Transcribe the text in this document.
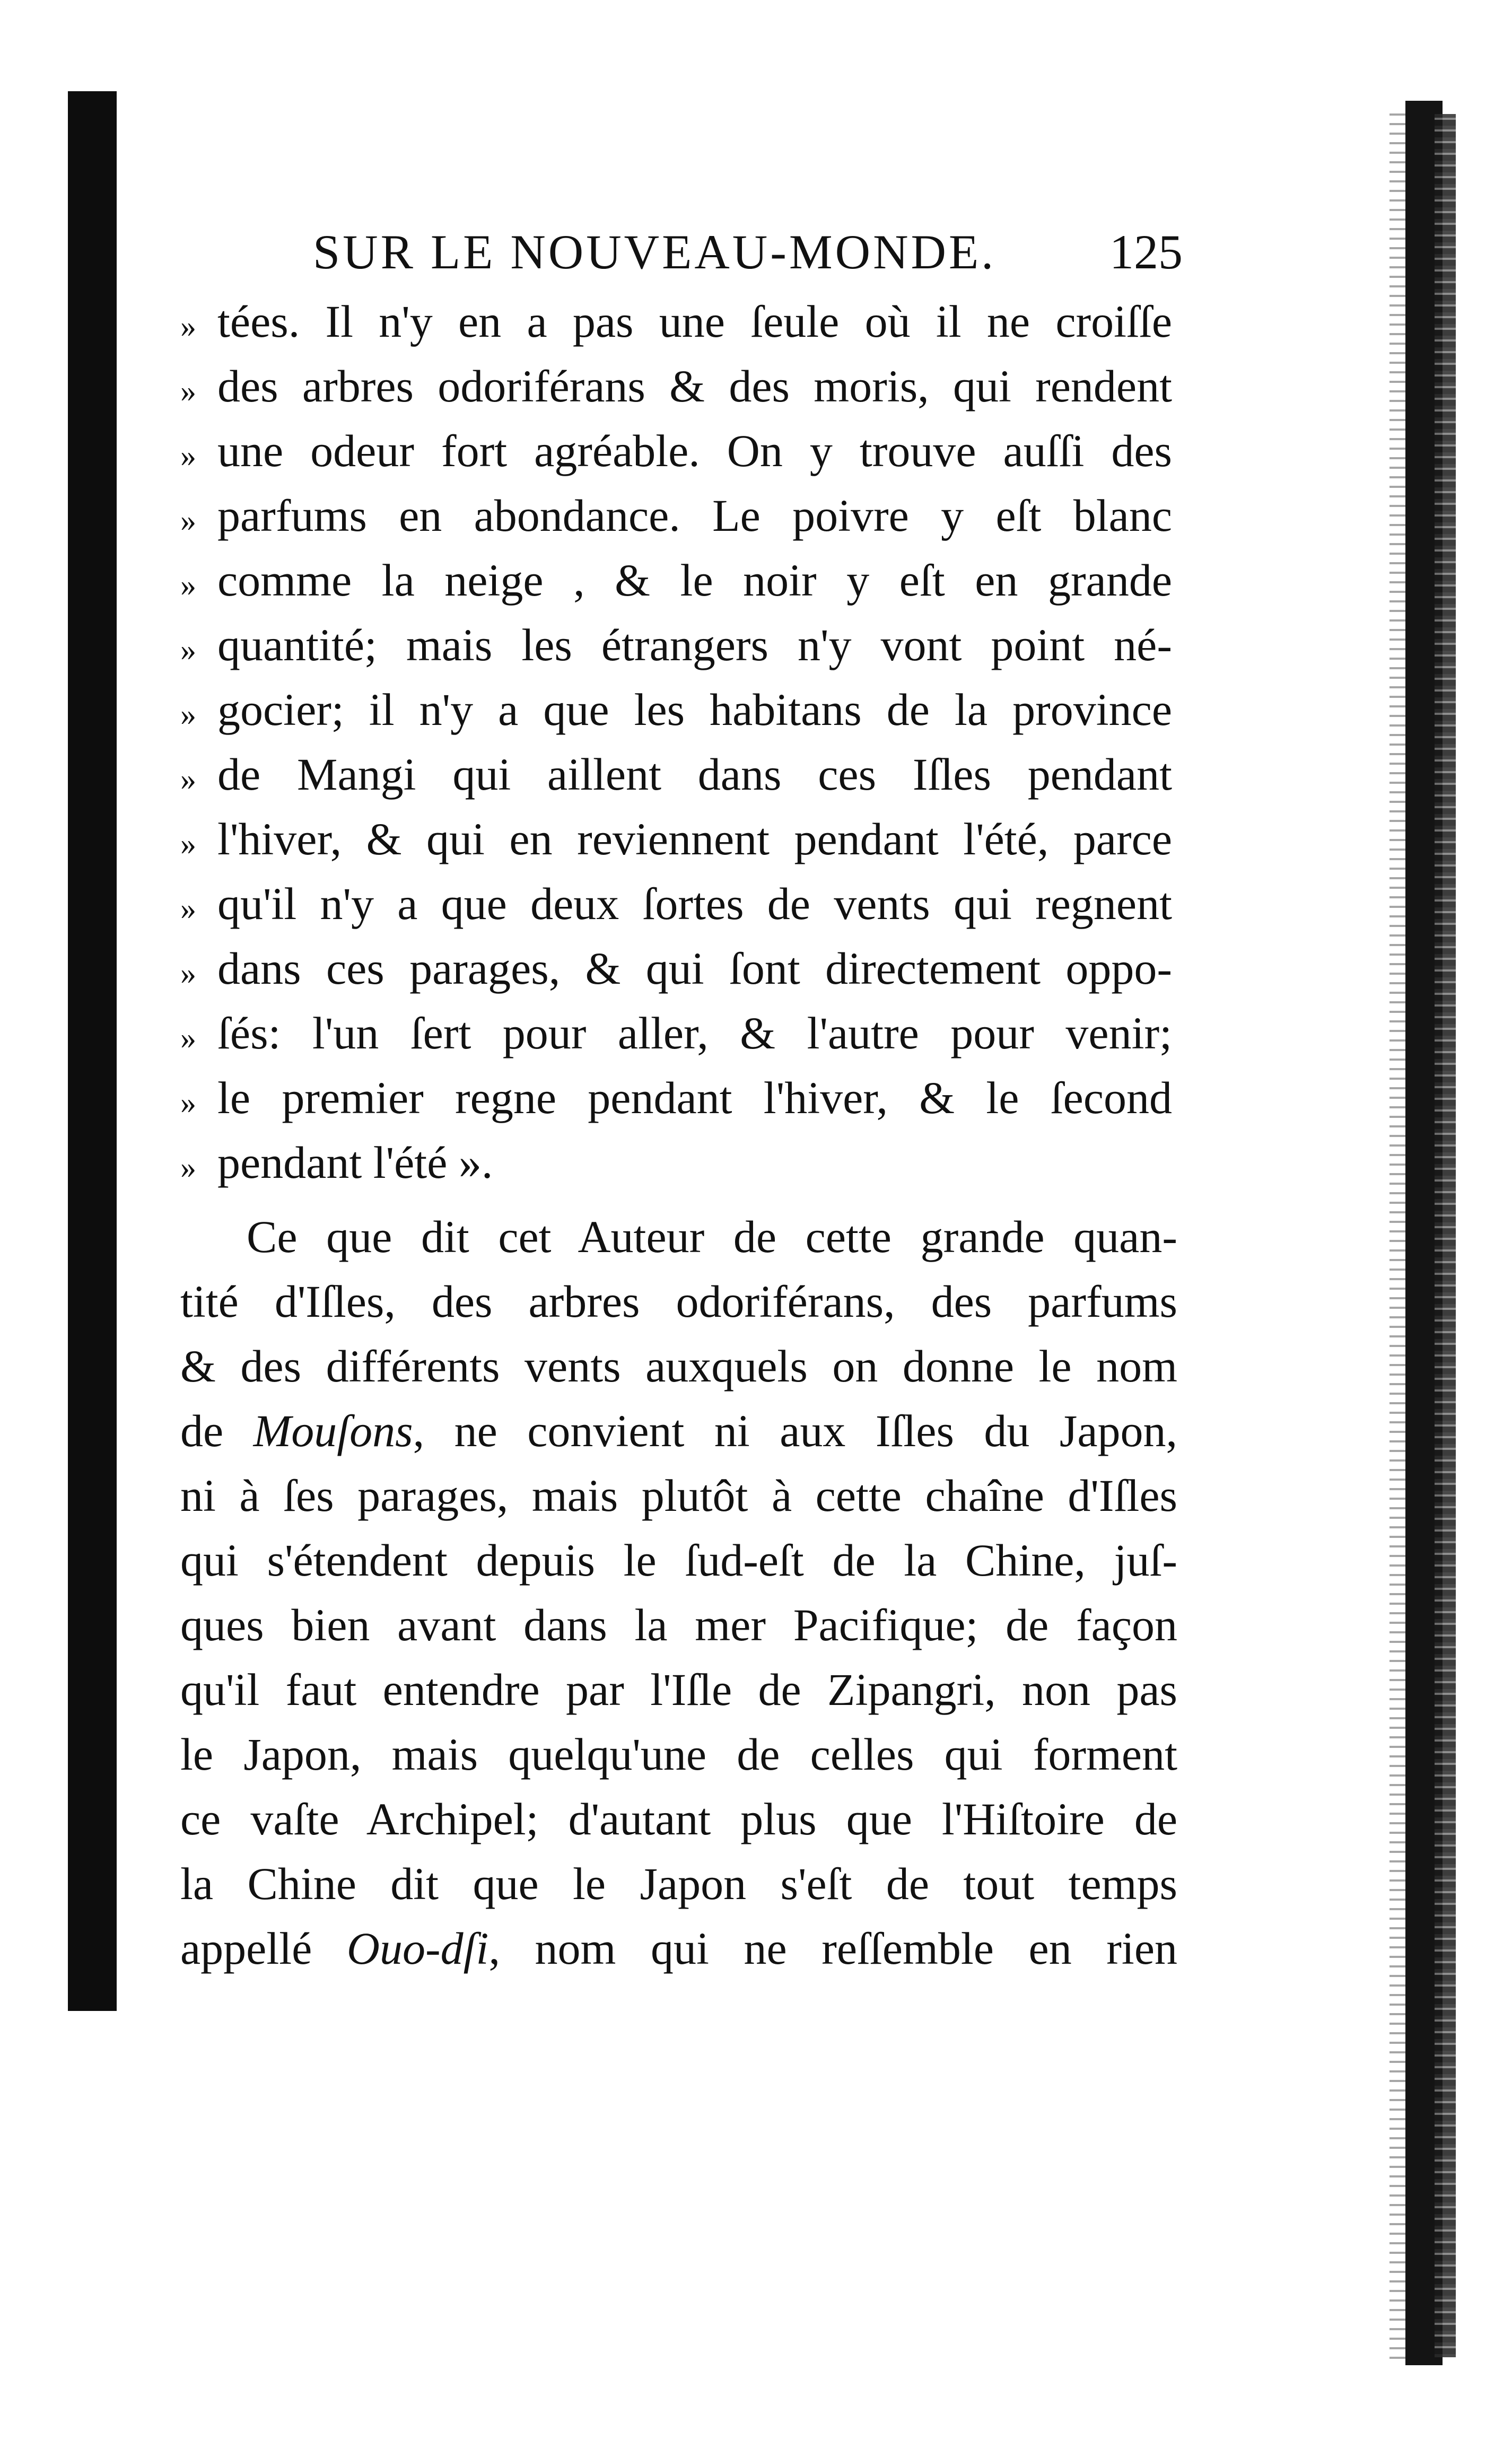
SUR LE NOUVEAU-MONDE. 125
» tées. Il n'y en a pas une ſeule où il ne croiſſe
» des arbres odoriférans & des moris, qui rendent
» une odeur fort agréable. On y trouve auſſi des
» parfums en abondance. Le poivre y eſt blanc
» comme la neige , & le noir y eſt en grande
» quantité; mais les étrangers n'y vont point né-
» gocier; il n'y a que les habitans de la province
» de Mangi qui aillent dans ces Iſles pendant
» l'hiver, & qui en reviennent pendant l'été, parce
» qu'il n'y a que deux ſortes de vents qui regnent
» dans ces parages, & qui ſont directement oppo-
» ſés: l'un ſert pour aller, & l'autre pour venir;
» le premier regne pendant l'hiver, & le ſecond
» pendant l'été ».
Ce que dit cet Auteur de cette grande quan-
tité d'Iſles, des arbres odoriférans, des parfums
& des différents vents auxquels on donne le nom
de Mouſons, ne convient ni aux Iſles du Japon,
ni à ſes parages, mais plutôt à cette chaîne d'Iſles
qui s'étendent depuis le ſud-eſt de la Chine, juſ-
ques bien avant dans la mer Pacifique; de façon
qu'il faut entendre par l'Iſle de Zipangri, non pas
le Japon, mais quelqu'une de celles qui forment
ce vaſte Archipel; d'autant plus que l'Hiſtoire de
la Chine dit que le Japon s'eſt de tout temps
appellé Ouo-dſi, nom qui ne reſſemble en rien
